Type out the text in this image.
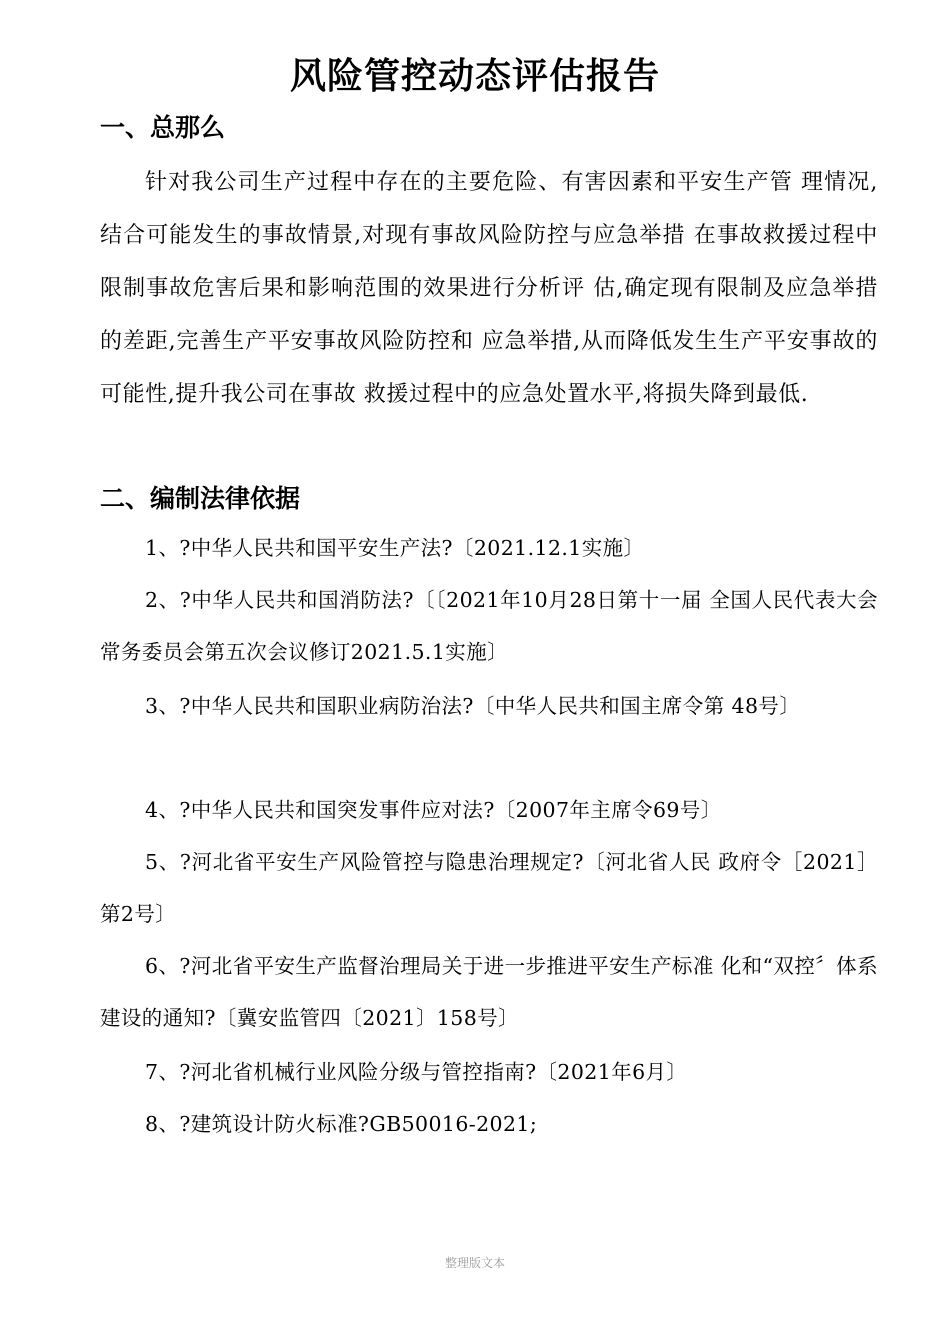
风险管控动态评估报告
一、总那么
针对我公司生产过程中存在的主要危险、有害因素和平安生产管 理情况,结合可能发生的事故情景,对现有事故风险防控与应急举措 在事故救援过程中限制事故危害后果和影响范围的效果进行分析评 估,确定现有限制及应急举措的差距,完善生产平安事故风险防控和 应急举措,从而降低发生生产平安事故的可能性,提升我公司在事故 救援过程中的应急处置水平,将损失降到最低.
二、编制法律依据
1、?中华人民共和国平安生产法?〔2021.12.1实施〕
2、?中华人民共和国消防法?〔〔2021年10月28日第十一届 全国人民代表大会常务委员会第五次会议修订2021.5.1实施〕
3、?中华人民共和国职业病防治法?〔中华人民共和国主席令第 48号〕
4、?中华人民共和国突发事件应对法?〔2007年主席令69号〕
5、?河北省平安生产风险管控与隐患治理规定?〔河北省人民 政府令［2021］第2号〕
6、?河北省平安生产监督治理局关于进一步推进平安生产标准 化和“双控〞体系建设的通知?〔冀安监管四〔2021〕158号〕
7、?河北省机械行业风险分级与管控指南?〔2021年6月〕
8、?建筑设计防火标准?GB50016-2021;
整理版文本
